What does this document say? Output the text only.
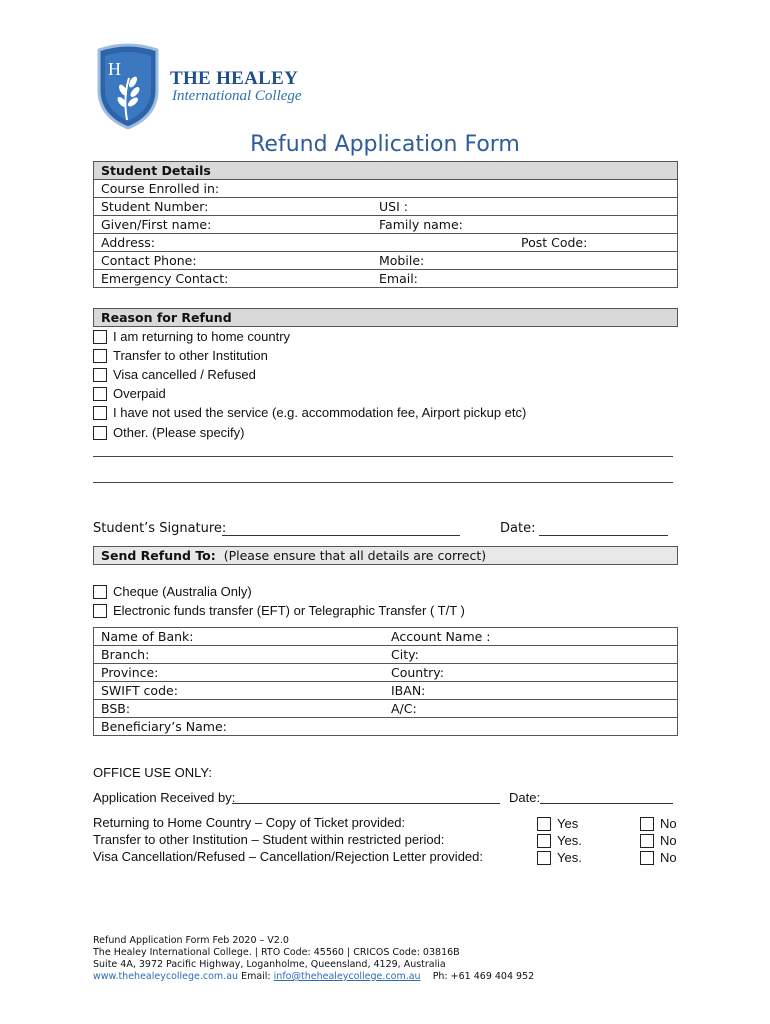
H	THE HEALEY
International College
Refund Application Form
Student Details
Course Enrolled in:
Student Number:	USI :

Given/First name:	Family name:

Address:	Post Code:

Contact Phone:	Mobile:

Emergency Contact:	Email:
Reason for Refund
I am returning to home country
Transfer to other Institution
Visa cancelled / Refused
Overpaid
I have not used the service (e.g. accommodation fee, Airport pickup etc)
Other. (Please specify)
Student’s Signature:	Date:
Send Refund To: (Please ensure that all details are correct)
Cheque (Australia Only)
Electronic funds transfer (EFT) or Telegraphic Transfer ( T/T )
Name of Bank:	Account Name :

Branch:	City:

Province:	Country:

SWIFT code:	IBAN:

BSB:	A/C:

Beneficiary’s Name:
OFFICE USE ONLY:
Application Received by:	Date:
Returning to Home Country – Copy of Ticket provided:	Yes	No
Transfer to other Institution – Student within restricted period:	Yes.	No
Visa Cancellation/Refused – Cancellation/Rejection Letter provided:	Yes.	No
Refund Application Form Feb 2020 – V2.0
The Healey International College. | RTO Code: 45560 | CRICOS Code: 03816B
Suite 4A, 3972 Pacific Highway, Loganholme, Queensland, 4129, Australia
www.thehealeycollege.com.au Email: info@thehealeycollege.com.au Ph: +61 469 404 952
